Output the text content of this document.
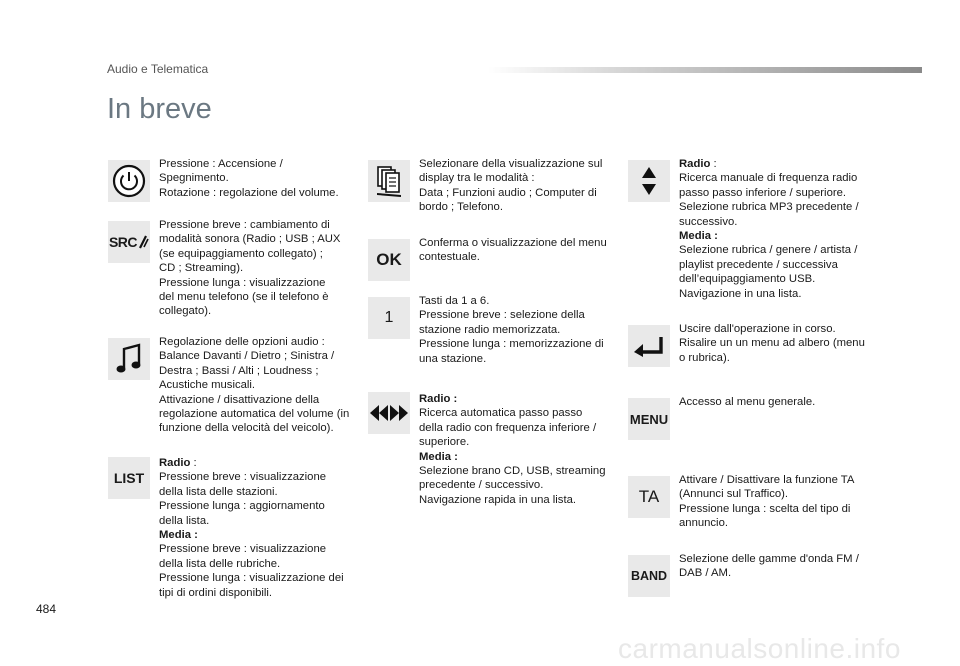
Audio e Telematica
In breve
Pressione : Accensione /
Spegnimento.
Rotazione : regolazione del volume.
SRC
Pressione breve : cambiamento di
modalità sonora (Radio ; USB ; AUX
(se equipaggiamento collegato) ;
CD ; Streaming).
Pressione lunga : visualizzazione
del menu telefono (se il telefono è
collegato).
Regolazione delle opzioni audio :
Balance Davanti / Dietro ; Sinistra /
Destra ; Bassi / Alti ; Loudness ;
Acustiche musicali.
Attivazione / disattivazione della
regolazione automatica del volume (in
funzione della velocità del veicolo).
LIST
Radio :
Pressione breve : visualizzazione
della lista delle stazioni.
Pressione lunga : aggiornamento
della lista.
Media :
Pressione breve : visualizzazione
della lista delle rubriche.
Pressione lunga : visualizzazione dei
tipi di ordini disponibili.
Selezionare della visualizzazione sul
display tra le modalità :
Data ; Funzioni audio ; Computer di
bordo ; Telefono.
OK
Conferma o visualizzazione del menu
contestuale.
1
Tasti da 1 a 6.
Pressione breve : selezione della
stazione radio memorizzata.
Pressione lunga : memorizzazione di
una stazione.
Radio :
Ricerca automatica passo passo
della radio con frequenza inferiore /
superiore.
Media :
Selezione brano CD, USB, streaming
precedente / successivo.
Navigazione rapida in una lista.
Radio :
Ricerca manuale di frequenza radio
passo passo inferiore / superiore.
Selezione rubrica MP3 precedente /
successivo.
Media :
Selezione rubrica / genere / artista /
playlist precedente / successiva
dell’equipaggiamento USB.
Navigazione in una lista.
Uscire dall'operazione in corso.
Risalire un un menu ad albero (menu
o rubrica).
MENU
Accesso al menu generale.
TA
Attivare / Disattivare la funzione TA
(Annunci sul Traffico).
Pressione lunga : scelta del tipo di
annuncio.
BAND
Selezione delle gamme d'onda FM /
DAB / AM.
484
carmanualsonline.info
